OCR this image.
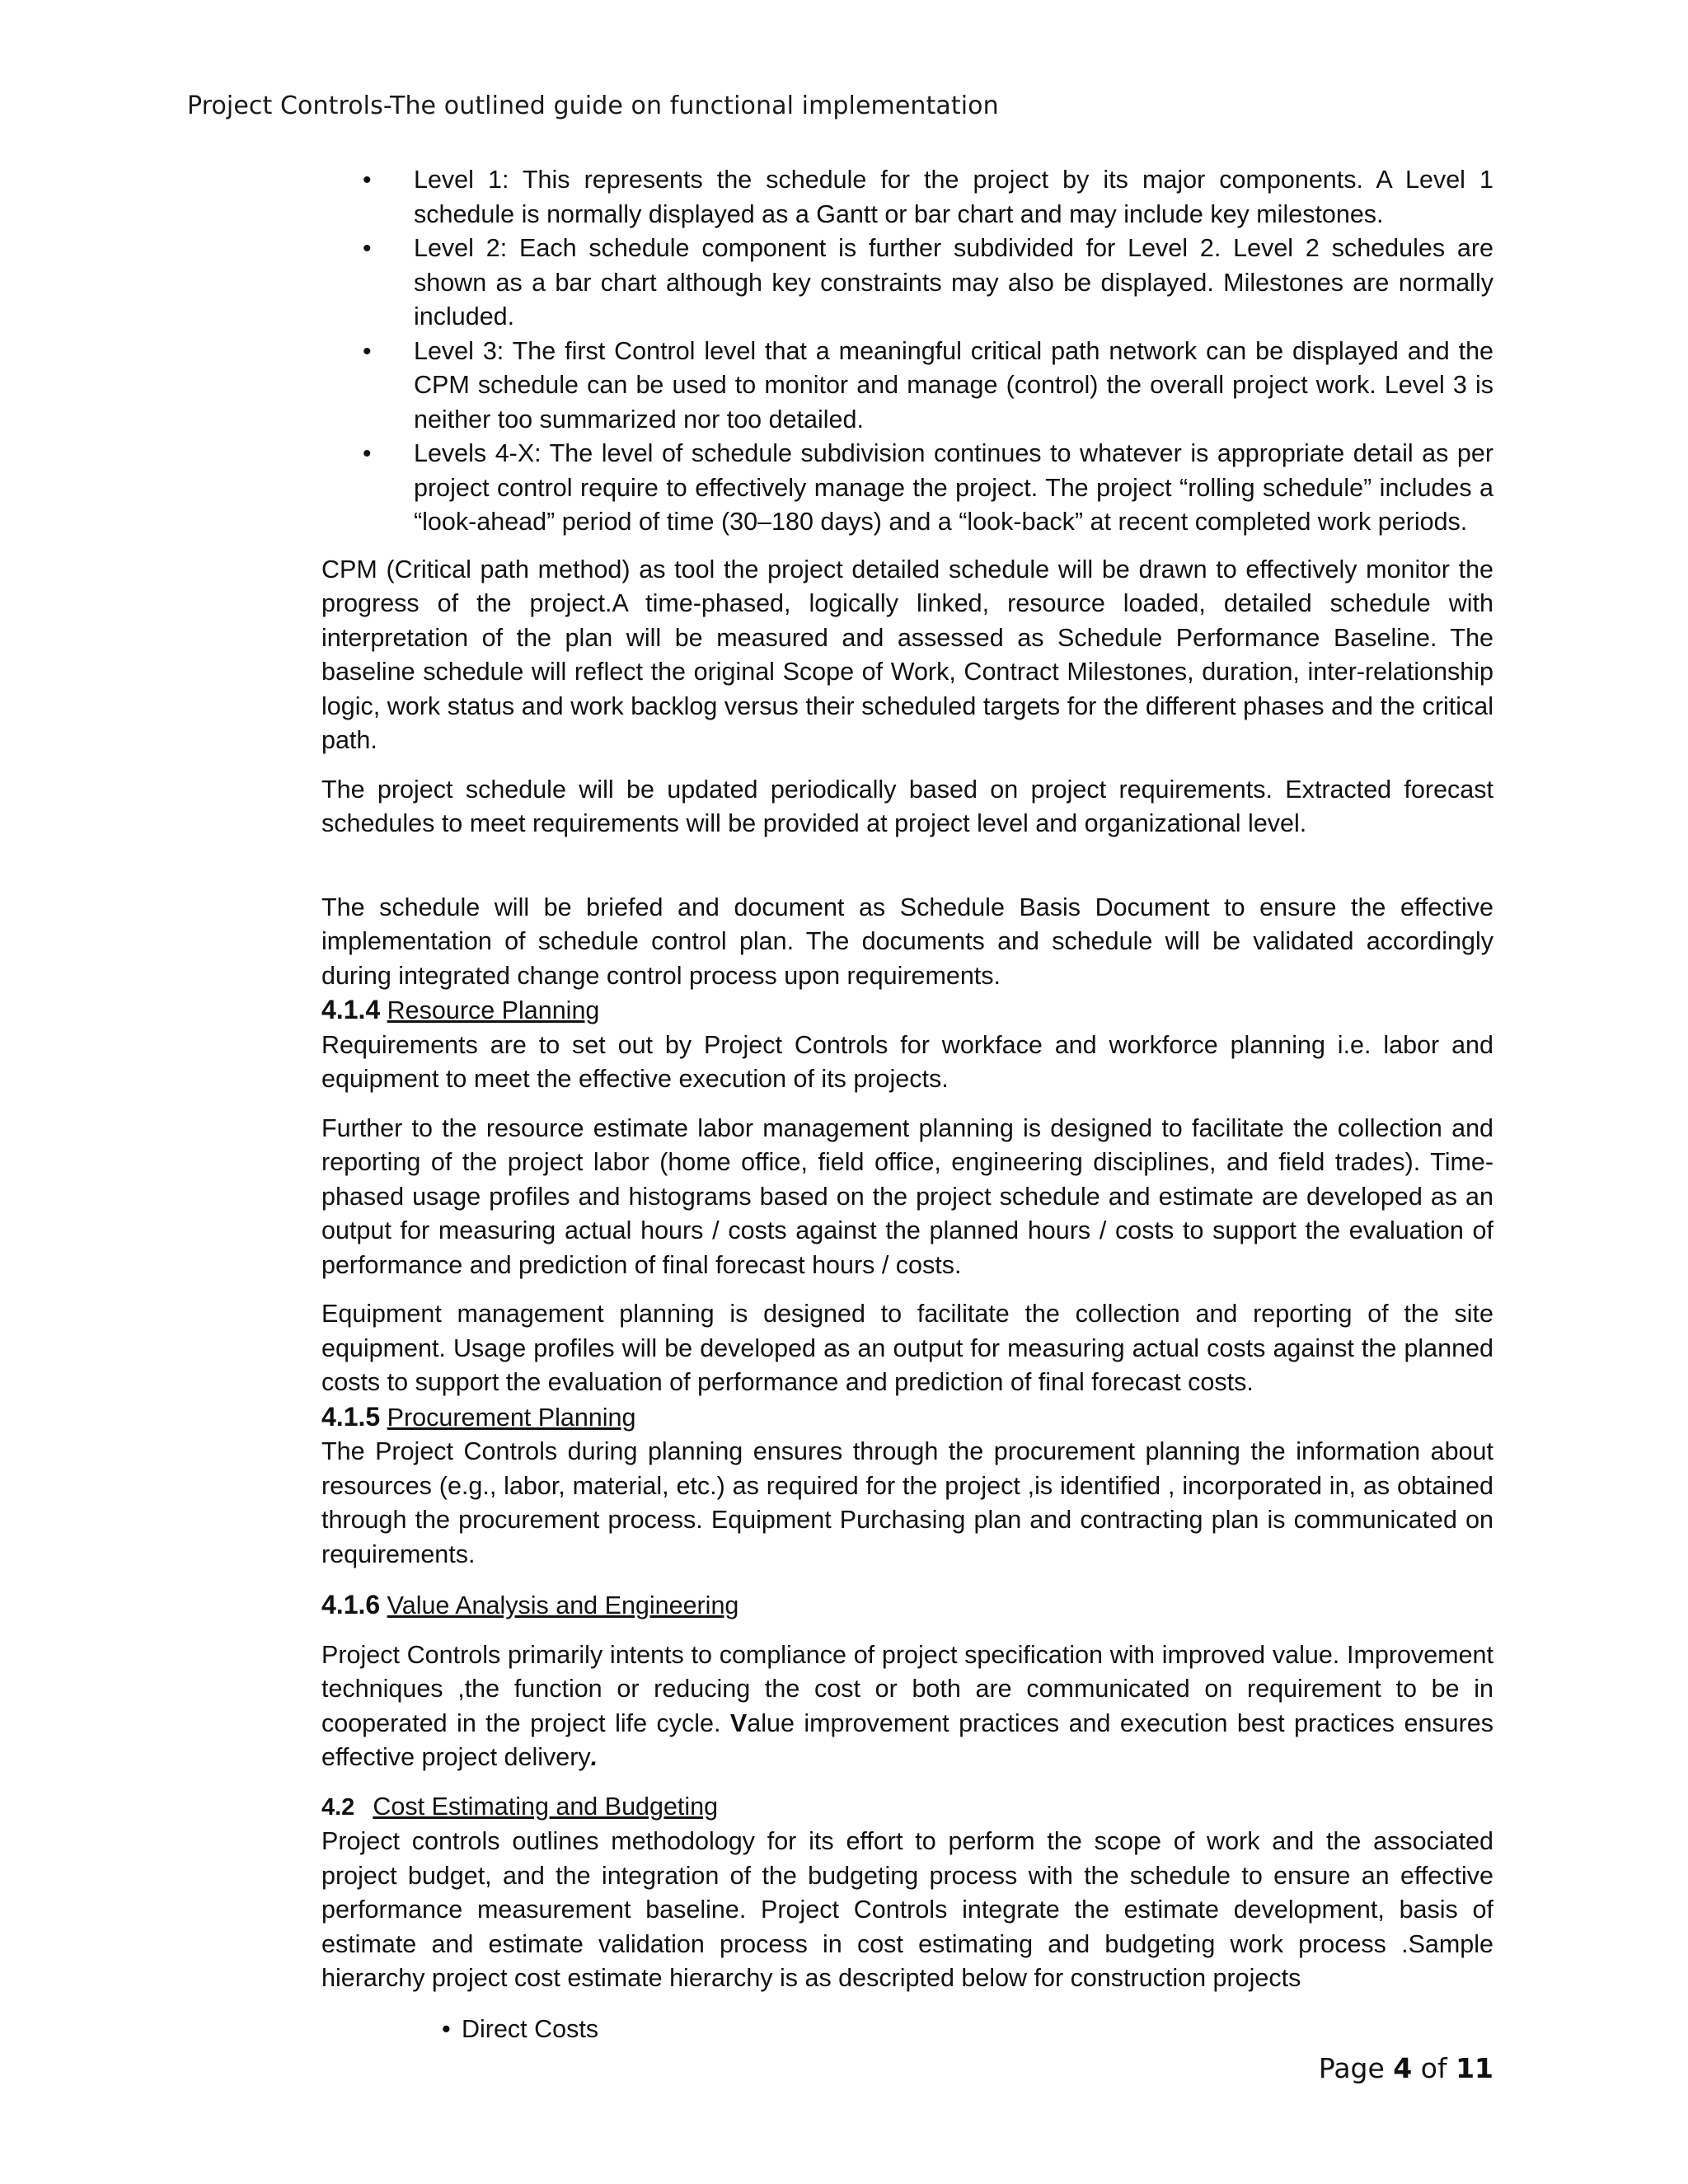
Project Controls-The outlined guide on functional implementation
• Level 1: This represents the schedule for the project by its major components. A Level 1 schedule is normally displayed as a Gantt or bar chart and may include key milestones.
• Level 2: Each schedule component is further subdivided for Level 2. Level 2 schedules are shown as a bar chart although key constraints may also be displayed. Milestones are normally included.
• Level 3: The first Control level that a meaningful critical path network can be displayed and the CPM schedule can be used to monitor and manage (control) the overall project work. Level 3 is neither too summarized nor too detailed.
• Levels 4-X: The level of schedule subdivision continues to whatever is appropriate detail as per project control require to effectively manage the project. The project “rolling schedule” includes a “look-ahead” period of time (30–180 days) and a “look-back” at recent completed work periods.

CPM (Critical path method) as tool the project detailed schedule will be drawn to effectively monitor the progress of the project.A time-phased, logically linked, resource loaded, detailed schedule with interpretation of the plan will be measured and assessed as Schedule Performance Baseline. The baseline schedule will reflect the original Scope of Work, Contract Milestones, duration, inter-relationship logic, work status and work backlog versus their scheduled targets for the different phases and the critical path.

The project schedule will be updated periodically based on project requirements. Extracted forecast schedules to meet requirements will be provided at project level and organizational level.

The schedule will be briefed and document as Schedule Basis Document to ensure the effective implementation of schedule control plan. The documents and schedule will be validated accordingly during integrated change control process upon requirements.

4.1.4 Resource Planning

Requirements are to set out by Project Controls for workface and workforce planning i.e. labor and equipment to meet the effective execution of its projects.

Further to the resource estimate labor management planning is designed to facilitate the collection and reporting of the project labor (home office, field office, engineering disciplines, and field trades). Time-phased usage profiles and histograms based on the project schedule and estimate are developed as an output for measuring actual hours / costs against the planned hours / costs to support the evaluation of performance and prediction of final forecast hours / costs.

Equipment management planning is designed to facilitate the collection and reporting of the site equipment. Usage profiles will be developed as an output for measuring actual costs against the planned costs to support the evaluation of performance and prediction of final forecast costs.

4.1.5 Procurement Planning

The Project Controls during planning ensures through the procurement planning the information about resources (e.g., labor, material, etc.) as required for the project ,is identified , incorporated in, as obtained through the procurement process. Equipment Purchasing plan and contracting plan is communicated on requirements.

4.1.6 Value Analysis and Engineering

Project Controls primarily intents to compliance of project specification with improved value. Improvement techniques ,the function or reducing the cost or both are communicated on requirement to be in cooperated in the project life cycle. Value improvement practices and execution best practices ensures effective project delivery.

4.2 Cost Estimating and Budgeting

Project controls outlines methodology for its effort to perform the scope of work and the associated project budget, and the integration of the budgeting process with the schedule to ensure an effective performance measurement baseline. Project Controls integrate the estimate development, basis of estimate and estimate validation process in cost estimating and budgeting work process .Sample hierarchy project cost estimate hierarchy is as descripted below for construction projects

• Direct Costs
Page 4 of 11
